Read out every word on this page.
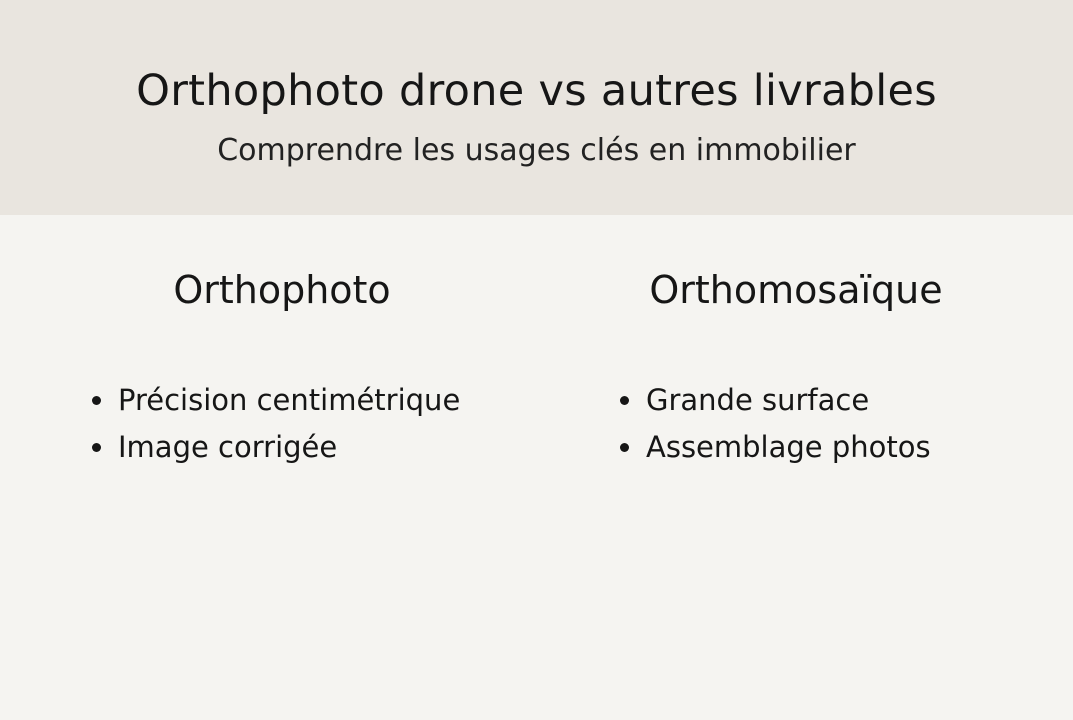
Orthophoto drone vs autres livrables
Comprendre les usages clés en immobilier
Orthophoto
Précision centimétrique
Image corrigée
Orthomosaïque
Grande surface
Assemblage photos
